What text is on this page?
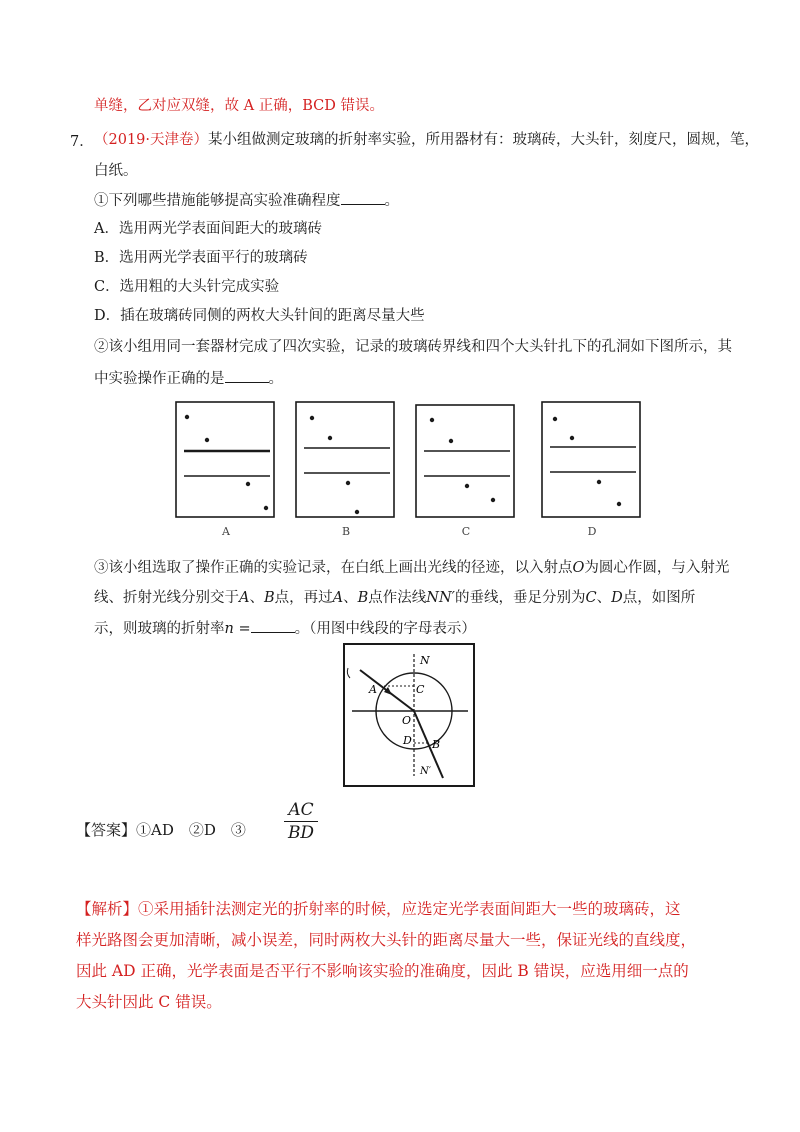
单缝，乙对应双缝，故 A 正确，BCD 错误。
7． （2019·天津卷）某小组做测定玻璃的折射率实验，所用器材有：玻璃砖，大头针，刻度尺，圆规，笔，
白纸。
①下列哪些措施能够提高实验准确程度	。
A．选用两光学表面间距大的玻璃砖
B．选用两光学表面平行的玻璃砖
C．选用粗的大头针完成实验
D．插在玻璃砖同侧的两枚大头针间的距离尽量大些
②该小组用同一套器材完成了四次实验，记录的玻璃砖界线和四个大头针扎下的孔洞如下图所示，其
中实验操作正确的是	。
A	B	C	D
③该小组选取了操作正确的实验记录，在白纸上画出光线的径迹，以入射点O为圆心作圆，与入射光
线、折射光线分别交于A、B点，再过A、B点作法线NN′的垂线，垂足分别为C、D点，如图所
示，则玻璃的折射率n =	。（用图中线段的字母表示）
N
A	C
O
D B
N′
【答案】①AD　②D　③ $\frac{AC}{BD}$
【解析】①采用插针法测定光的折射率的时候，应选定光学表面间距大一些的玻璃砖，这
样光路图会更加清晰，减小误差，同时两枚大头针的距离尽量大一些，保证光线的直线度，
因此 AD 正确，光学表面是否平行不影响该实验的准确度，因此 B 错误，应选用细一点的
大头针因此 C 错误。
